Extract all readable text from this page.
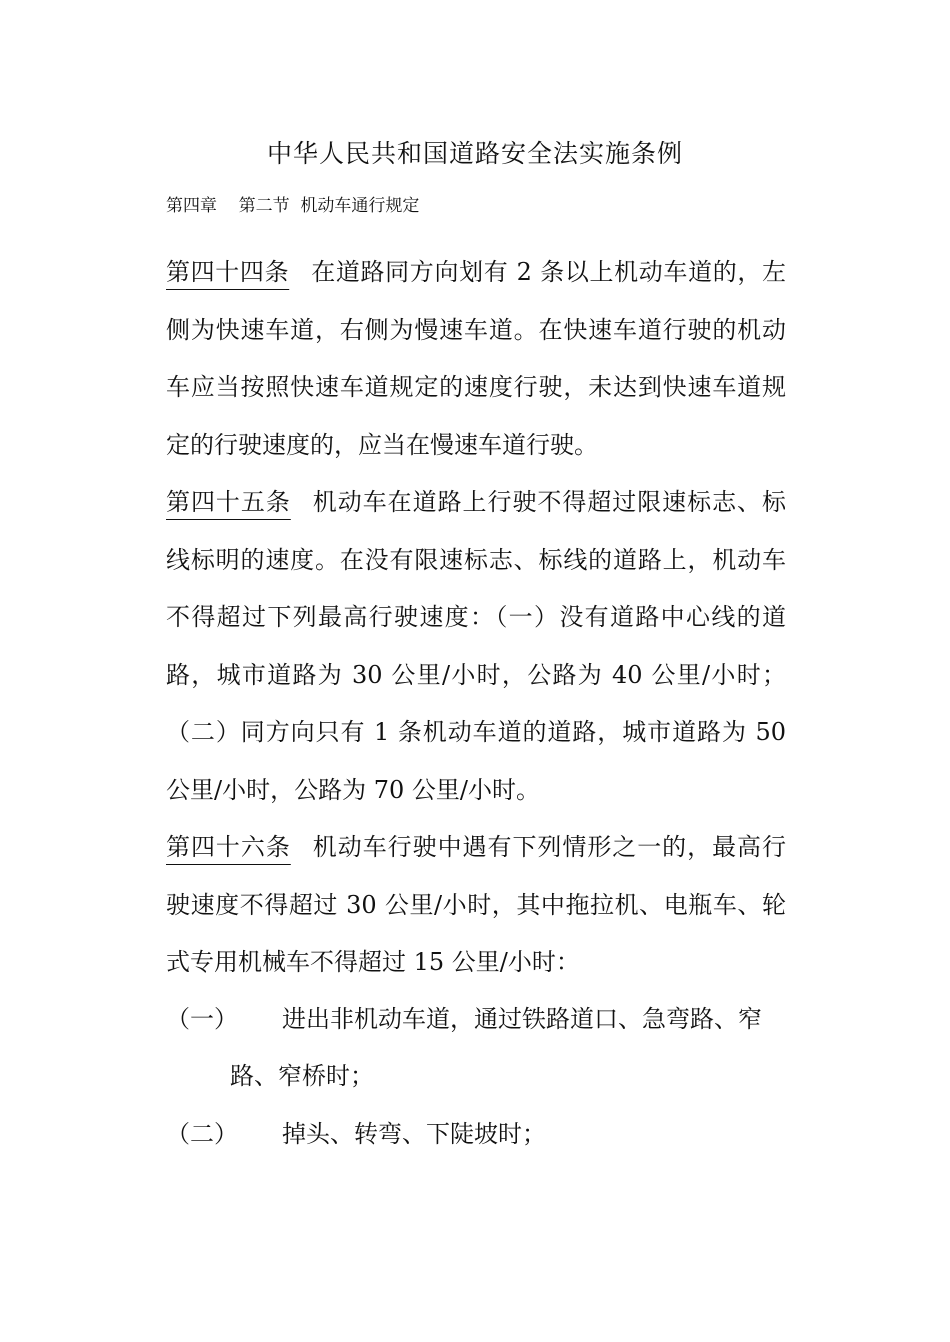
中华人民共和国道路安全法实施条例
第四章    第二节  机动车通行规定
第四十四条 在道路同方向划有 2 条以上机动车道的，左侧为快速车道，右侧为慢速车道。在快速车道行驶的机动车应当按照快速车道规定的速度行驶，未达到快速车道规定的行驶速度的，应当在慢速车道行驶。
第四十五条 机动车在道路上行驶不得超过限速标志、标线标明的速度。在没有限速标志、标线的道路上，机动车不得超过下列最高行驶速度：（一）没有道路中心线的道路，城市道路为 30 公里/小时，公路为 40 公里/小时；（二）同方向只有 1 条机动车道的道路，城市道路为 50 公里/小时，公路为 70 公里/小时。
第四十六条 机动车行驶中遇有下列情形之一的，最高行驶速度不得超过 30 公里/小时，其中拖拉机、电瓶车、轮式专用机械车不得超过 15 公里/小时：
（一） 进出非机动车道，通过铁路道口、急弯路、窄
路、窄桥时；
（二） 掉头、转弯、下陡坡时；
